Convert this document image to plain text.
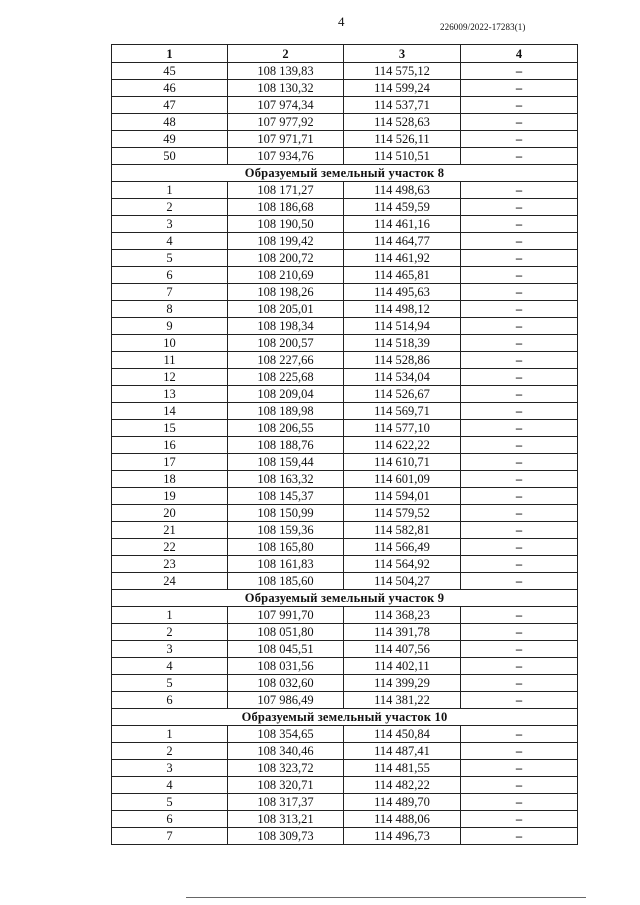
4	226009/2022-17283(1)
1	2	3	4
45	108 139,83	114 575,12	–
46	108 130,32	114 599,24	–
47	107 974,34	114 537,71	–
48	107 977,92	114 528,63	–
49	107 971,71	114 526,11	–
50	107 934,76	114 510,51	–
Образуемый земельный участок 8			
1	108 171,27	114 498,63	–
2	108 186,68	114 459,59	–
3	108 190,50	114 461,16	–
4	108 199,42	114 464,77	–
5	108 200,72	114 461,92	–
6	108 210,69	114 465,81	–
7	108 198,26	114 495,63	–
8	108 205,01	114 498,12	–
9	108 198,34	114 514,94	–
10	108 200,57	114 518,39	–
11	108 227,66	114 528,86	–
12	108 225,68	114 534,04	–
13	108 209,04	114 526,67	–
14	108 189,98	114 569,71	–
15	108 206,55	114 577,10	–
16	108 188,76	114 622,22	–
17	108 159,44	114 610,71	–
18	108 163,32	114 601,09	–
19	108 145,37	114 594,01	–
20	108 150,99	114 579,52	–
21	108 159,36	114 582,81	–
22	108 165,80	114 566,49	–
23	108 161,83	114 564,92	–
24	108 185,60	114 504,27	–
Образуемый земельный участок 9			
1	107 991,70	114 368,23	–
2	108 051,80	114 391,78	–
3	108 045,51	114 407,56	–
4	108 031,56	114 402,11	–
5	108 032,60	114 399,29	–
6	107 986,49	114 381,22	–
Образуемый земельный участок 10			
1	108 354,65	114 450,84	–
2	108 340,46	114 487,41	–
3	108 323,72	114 481,55	–
4	108 320,71	114 482,22	–
5	108 317,37	114 489,70	–
6	108 313,21	114 488,06	–
7	108 309,73	114 496,73	–
